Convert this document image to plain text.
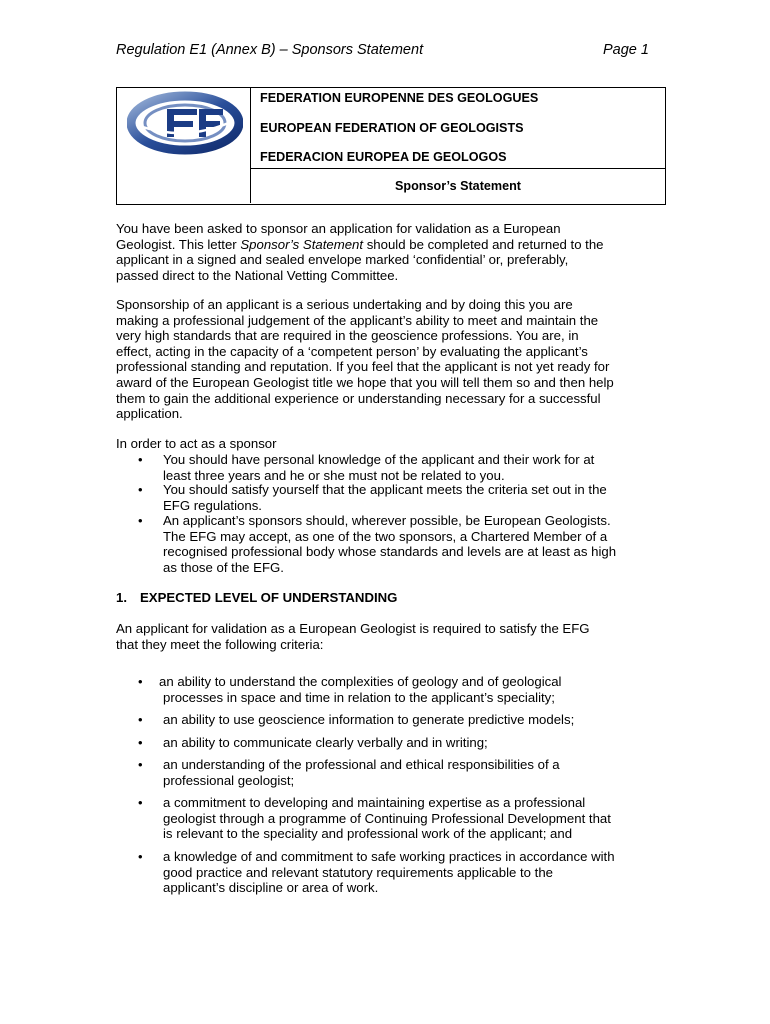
Regulation E1 (Annex B) – Sponsors Statement	Page 1
FEDERATION EUROPENNE DES GEOLOGUES
EUROPEAN FEDERATION OF GEOLOGISTS
FEDERACION EUROPEA DE GEOLOGOS
Sponsor’s Statement
You have been asked to sponsor an application for validation as a European
Geologist. This letter Sponsor’s Statement should be completed and returned to the
applicant in a signed and sealed envelope marked ‘confidential’ or, preferably,
passed direct to the National Vetting Committee.
Sponsorship of an applicant is a serious undertaking and by doing this you are
making a professional judgement of the applicant’s ability to meet and maintain the
very high standards that are required in the geoscience professions. You are, in
effect, acting in the capacity of a ‘competent person’ by evaluating the applicant’s
professional standing and reputation. If you feel that the applicant is not yet ready for
award of the European Geologist title we hope that you will tell them so and then help
them to gain the additional experience or understanding necessary for a successful
application.
In order to act as a sponsor
• You should have personal knowledge of the applicant and their work for at
least three years and he or she must not be related to you.
• You should satisfy yourself that the applicant meets the criteria set out in the
EFG regulations.
• An applicant’s sponsors should, wherever possible, be European Geologists.
The EFG may accept, as one of the two sponsors, a Chartered Member of a
recognised professional body whose standards and levels are at least as high
as those of the EFG.
1. EXPECTED LEVEL OF UNDERSTANDING
An applicant for validation as a European Geologist is required to satisfy the EFG
that they meet the following criteria:
• an ability to understand the complexities of geology and of geological
processes in space and time in relation to the applicant’s speciality;
• an ability to use geoscience information to generate predictive models;
• an ability to communicate clearly verbally and in writing;
• an understanding of the professional and ethical responsibilities of a
professional geologist;
• a commitment to developing and maintaining expertise as a professional
geologist through a programme of Continuing Professional Development that
is relevant to the speciality and professional work of the applicant; and
• a knowledge of and commitment to safe working practices in accordance with
good practice and relevant statutory requirements applicable to the
applicant’s discipline or area of work.
